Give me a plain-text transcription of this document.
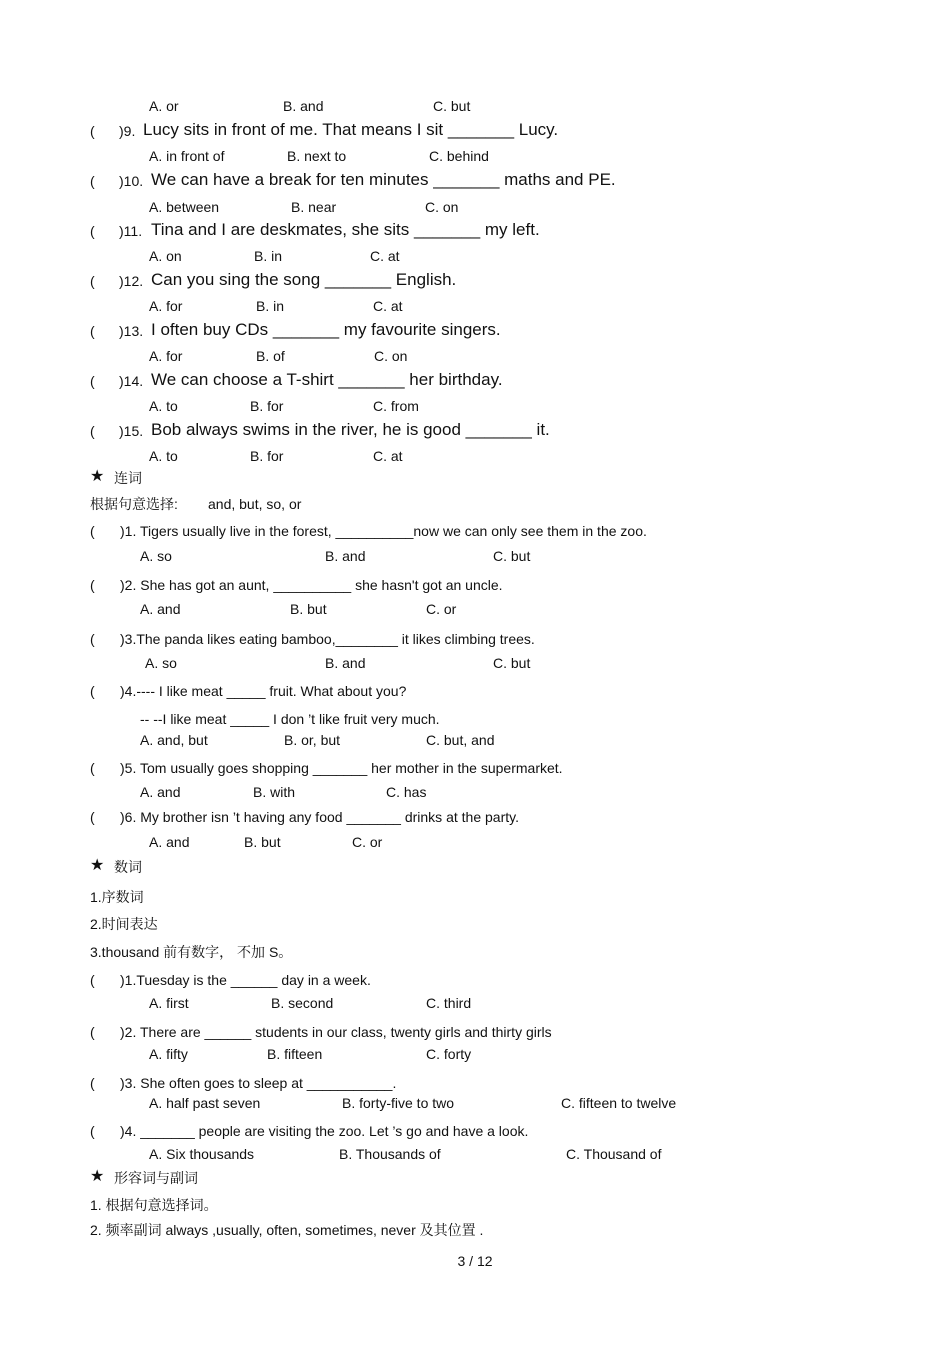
A. or	B. and	C. but
( )9. Lucy sits in front of me. That means I sit _______ Lucy.
A. in front of	B. next to	C. behind
( )10. We can have a break for ten minutes _______ maths and PE.
A. between	B. near	C. on
( )11. Tina and I are deskmates, she sits _______ my left.
A. on	B. in	C. at
( )12. Can you sing the song _______ English.
A. for	B. in	C. at
( )13. I often buy CDs _______ my favourite singers.
A. for	B. of	C. on
( )14. We can choose a T-shirt _______ her birthday.
A. to	B. for	C. from
( )15. Bob always swims in the river, he is good _______ it.
A. to	B. for	C. at
★ 连词
根据句意选择: and, but, so, or
( )1. Tigers usually live in the forest, __________now we can only see them in the zoo.
A. so	B. and	C. but
( )2. She has got an aunt, __________ she hasn't got an uncle.
A. and	B. but	C. or
( )3.The panda likes eating bamboo,________ it likes climbing trees.
A. so	B. and	C. but
( )4.---- I like meat _____ fruit. What about you?
-- --I like meat _____ I don ’t like fruit very much.
A. and, but	B. or, but	C. but, and
( )5. Tom usually goes shopping _______ her mother in the supermarket.
A. and	B. with	C. has
( )6. My brother isn ’t having any food _______ drinks at the party.
A. and	B. but	C. or
★ 数词
1.序数词
2.时间表达
3.thousand 前有数字， 不加 S。
( )1.Tuesday is the ______ day in a week.
A. first	B. second	C. third
( )2. There are ______ students in our class, twenty girls and thirty girls
A. fifty	B. fifteen	C. forty
( )3. She often goes to sleep at ___________.
A. half past seven	B. forty-five to two	C. fifteen to twelve
( )4. _______ people are visiting the zoo. Let ’s go and have a look.
A. Six thousands	B. Thousands of	C. Thousand of
★ 形容词与副词
1. 根据句意选择词。
2. 频率副词 always ,usually, often, sometimes, never 及其位置 .
3 / 12
